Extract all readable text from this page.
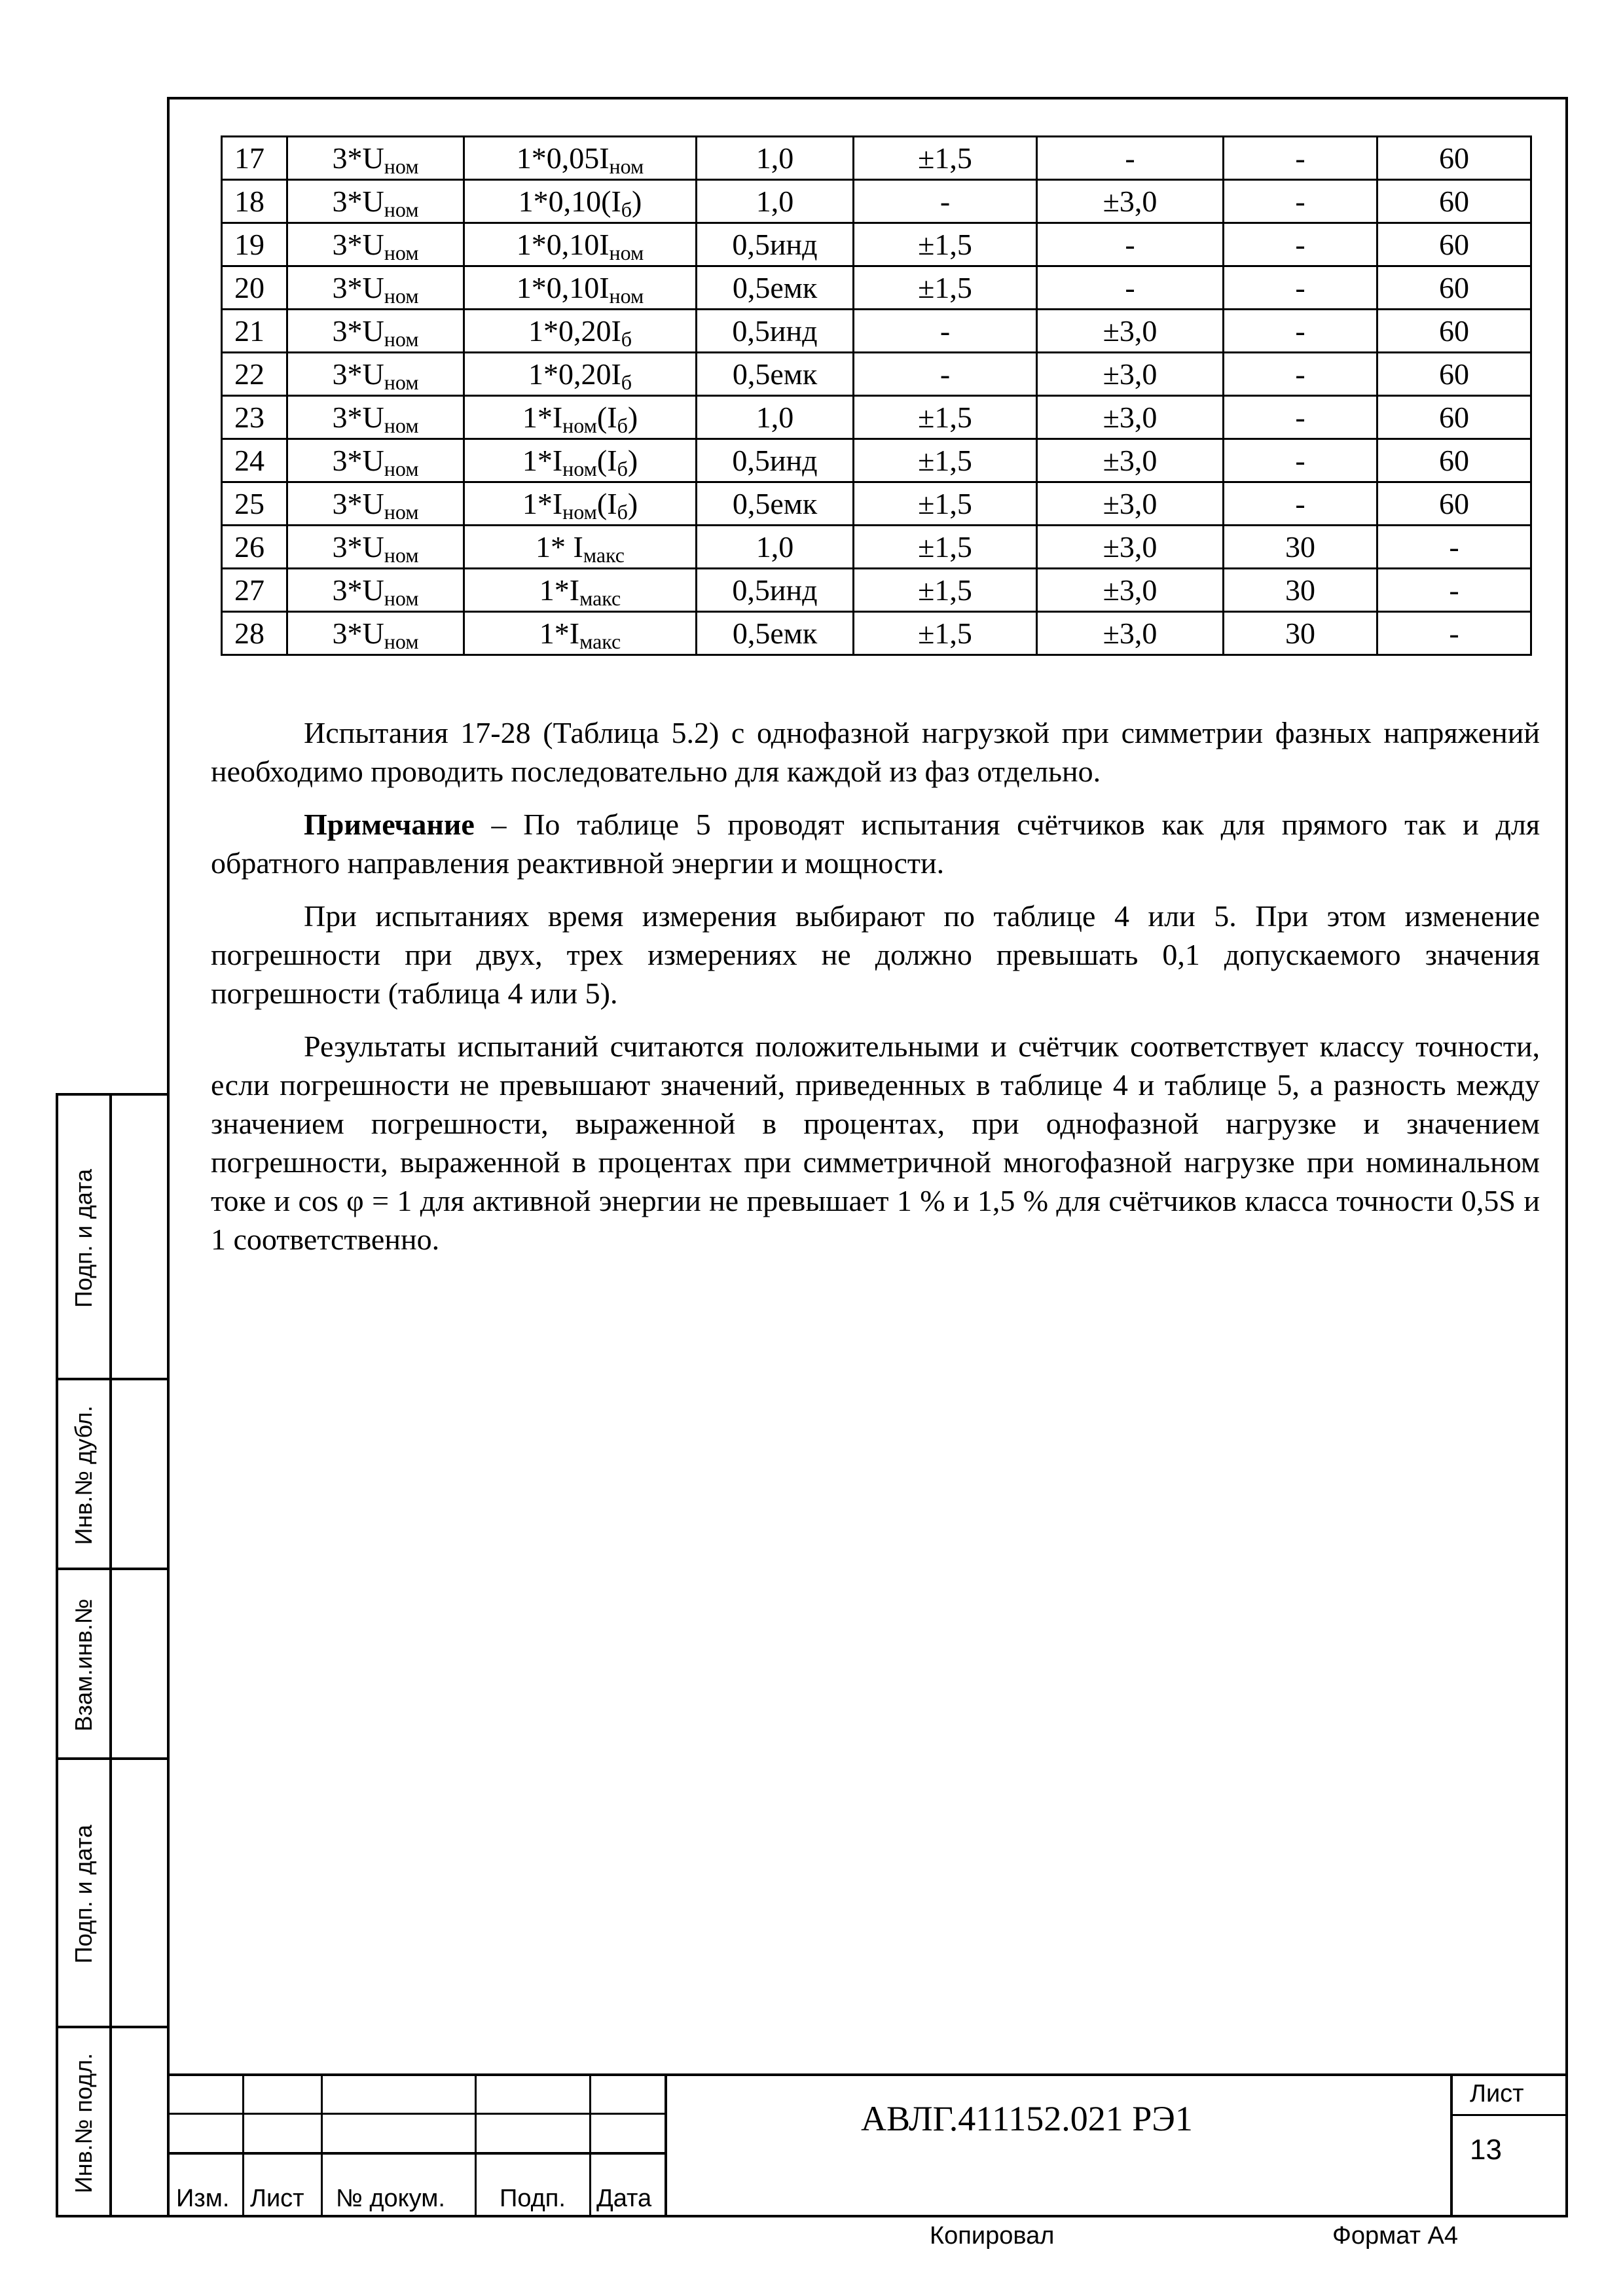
17	$3*U_{ном}$	$1*0,05I_{ном}$	1,0	±1,5	-	-	60
18	$3*U_{ном}$	$1*0,10(I_б)$	1,0	-	±3,0	-	60
19	$3*U_{ном}$	$1*0,10I_{ном}$	0,5инд	±1,5	-	-	60
20	$3*U_{ном}$	$1*0,10I_{ном}$	0,5емк	±1,5	-	-	60
21	$3*U_{ном}$	$1*0,20I_б$	0,5инд	-	±3,0	-	60
22	$3*U_{ном}$	$1*0,20I_б$	0,5емк	-	±3,0	-	60
23	$3*U_{ном}$	$1*I_{ном}(I_б)$	1,0	±1,5	±3,0	-	60
24	$3*U_{ном}$	$1*I_{ном}(I_б)$	0,5инд	±1,5	±3,0	-	60
25	$3*U_{ном}$	$1*I_{ном}(I_б)$	0,5емк	±1,5	±3,0	-	60
26	$3*U_{ном}$	1* $I_{макс}$	1,0	±1,5	±3,0	30	-
27	$3*U_{ном}$	$1*I_{макс}$	0,5инд	±1,5	±3,0	30	-
28	$3*U_{ном}$	$1*I_{макс}$	0,5емк	±1,5	±3,0	30	-

Испытания 17-28 (Таблица 5.2) с однофазной нагрузкой при симметрии фазных напряжений необходимо проводить последовательно для каждой из фаз отдельно.

Примечание – По таблице 5 проводят испытания счётчиков как для прямого так и для обратного направления реактивной энергии и мощности.

При испытаниях время измерения выбирают по таблице 4 или 5. При этом изменение погрешности при двух, трех измерениях не должно превышать 0,1 допускаемого значения погрешности (таблица 4 или 5).

Результаты испытаний считаются положительными и счётчик соответствует классу точности, если погрешности не превышают значений, приведенных в таблице 4 и таблице 5, а разность между значением погрешности, выраженной в процентах, при однофазной нагрузке и значением погрешности, выраженной в процентах при симметричной многофазной нагрузке при номинальном токе и cos φ = 1 для активной энергии не превышает 1 % и 1,5 % для счётчиков класса точности 0,5S и 1 соответственно.

Подп. и дата
Инв.№ дубл.
Взам.инв.№
Подп. и дата
Инв.№ подл.
Изм. Лист № докум. Подп. Дата
АВЛГ.411152.021 РЭ1
Лист
13
Копировал	Формат А4
